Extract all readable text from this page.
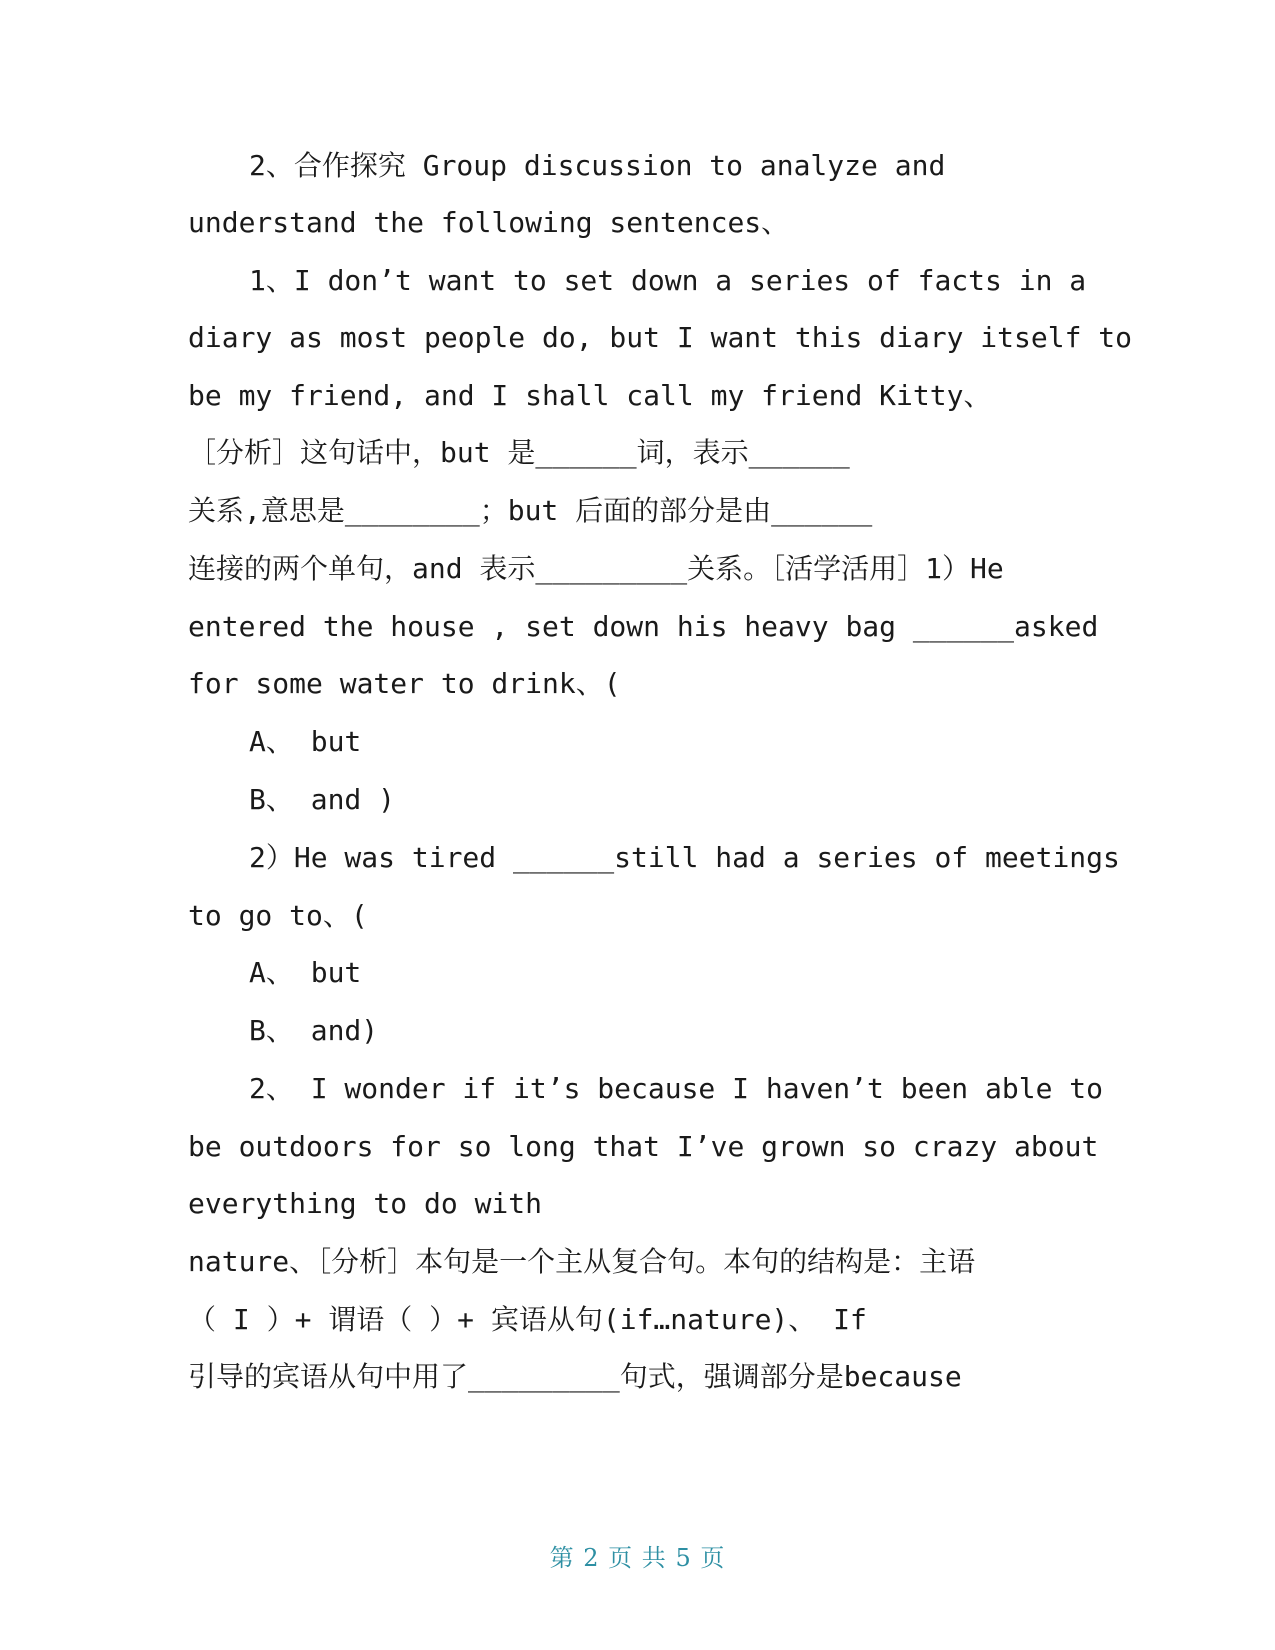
2、合作探究 Group discussion to analyze and
understand the following sentences、
1、I don’t want to set down a series of facts in a
diary as most people do, but I want this diary itself to
be my friend, and I shall call my friend Kitty、
［分析］这句话中，but 是______词，表示______
关系,意思是________；but 后面的部分是由______
连接的两个单句，and 表示_________关系。［活学活用］1）He
entered the house , set down his heavy bag ______asked
for some water to drink、(
A、 but
B、 and )
2）He was tired ______still had a series of meetings
to go to、(
A、 but
B、 and)
2、 I wonder if it’s because I haven’t been able to
be outdoors for so long that I’ve grown so crazy about
everything to do with
nature、［分析］本句是一个主从复合句。本句的结构是：主语
（ I ）+ 谓语（ ）+ 宾语从句(if…nature)、 If
引导的宾语从句中用了_________句式，强调部分是because
第 2 页 共 5 页
